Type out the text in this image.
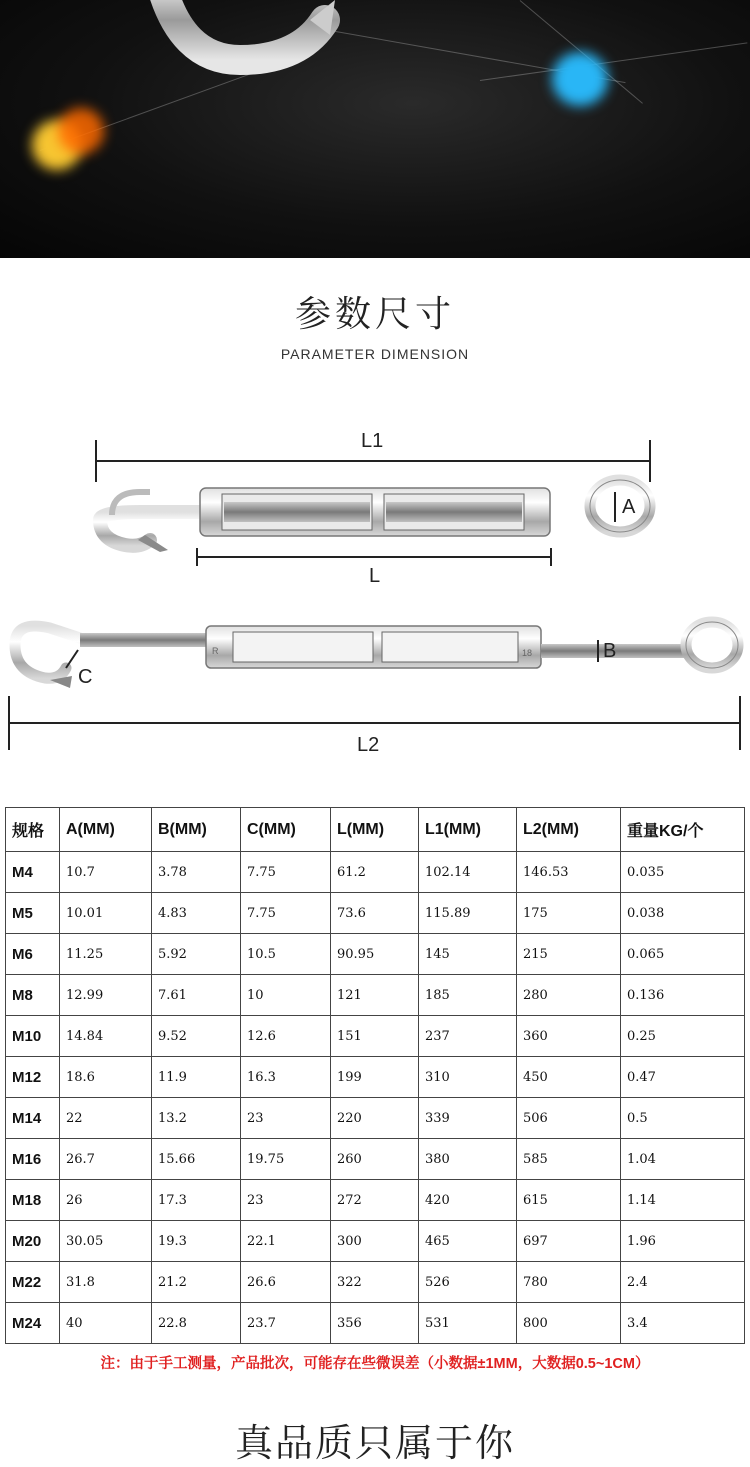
参数尺寸
PARAMETER DIMENSION
R	18
L1
L
A
B
C
L2
规格	A(MM)	B(MM)	C(MM)	L(MM)	L1(MM)	L2(MM)	重量KG/个
M4	10.7	3.78	7.75	61.2	102.14	146.53	0.035
M5	10.01	4.83	7.75	73.6	115.89	175	0.038
M6	11.25	5.92	10.5	90.95	145	215	0.065
M8	12.99	7.61	10	121	185	280	0.136
M10	14.84	9.52	12.6	151	237	360	0.25
M12	18.6	11.9	16.3	199	310	450	0.47
M14	22	13.2	23	220	339	506	0.5
M16	26.7	15.66	19.75	260	380	585	1.04
M18	26	17.3	23	272	420	615	1.14
M20	30.05	19.3	22.1	300	465	697	1.96
M22	31.8	21.2	26.6	322	526	780	2.4
M24	40	22.8	23.7	356	531	800	3.4
注：由于手工测量，产品批次，可能存在些微误差（小数据±1MM，大数据0.5~1CM）
真品质只属于你
